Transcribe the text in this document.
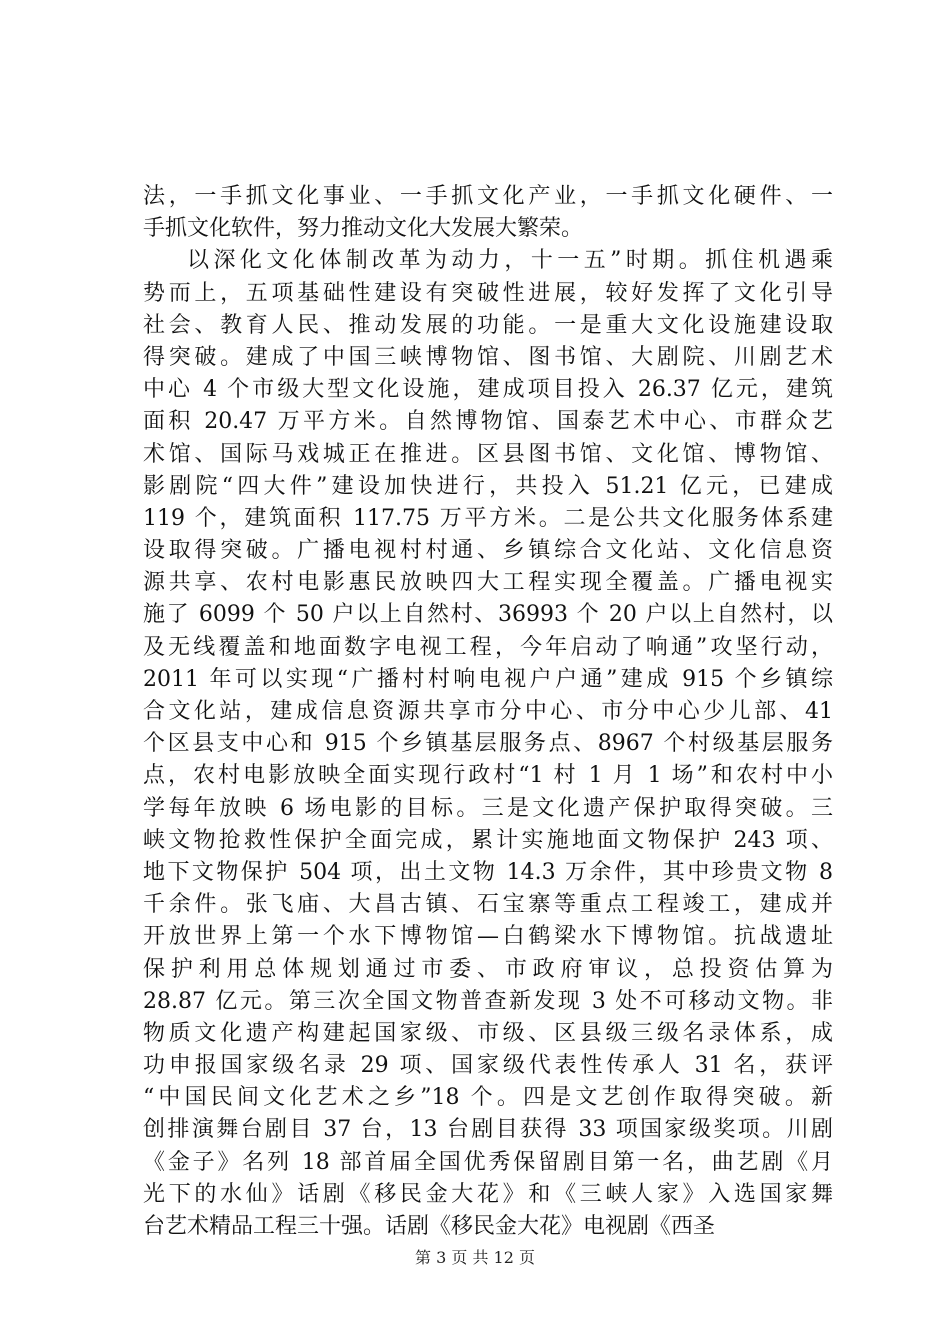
法，一手抓文化事业、一手抓文化产业，一手抓文化硬件、一
手抓文化软件，努力推动文化大发展大繁荣。
以深化文化体制改革为动力，十一五”时期。抓住机遇乘
势而上，五项基础性建设有突破性进展，较好发挥了文化引导
社会、教育人民、推动发展的功能。一是重大文化设施建设取
得突破。建成了中国三峡博物馆、图书馆、大剧院、川剧艺术
中心 4 个市级大型文化设施，建成项目投入 26.37 亿元，建筑
面积 20.47 万平方米。自然博物馆、国泰艺术中心、市群众艺
术馆、国际马戏城正在推进。区县图书馆、文化馆、博物馆、
影剧院“四大件”建设加快进行，共投入 51.21 亿元，已建成
119 个，建筑面积 117.75 万平方米。二是公共文化服务体系建
设取得突破。广播电视村村通、乡镇综合文化站、文化信息资
源共享、农村电影惠民放映四大工程实现全覆盖。广播电视实
施了 6099 个 50 户以上自然村、36993 个 20 户以上自然村，以
及无线覆盖和地面数字电视工程，今年启动了响通”攻坚行动，
2011 年可以实现“广播村村响电视户户通”建成 915 个乡镇综
合文化站，建成信息资源共享市分中心、市分中心少儿部、41
个区县支中心和 915 个乡镇基层服务点、8967 个村级基层服务
点，农村电影放映全面实现行政村“1 村 1 月 1 场”和农村中小
学每年放映 6 场电影的目标。三是文化遗产保护取得突破。三
峡文物抢救性保护全面完成，累计实施地面文物保护 243 项、
地下文物保护 504 项，出土文物 14.3 万余件，其中珍贵文物 8
千余件。张飞庙、大昌古镇、石宝寨等重点工程竣工，建成并
开放世界上第一个水下博物馆—白鹤梁水下博物馆。抗战遗址
保护利用总体规划通过市委、市政府审议，总投资估算为
28.87 亿元。第三次全国文物普查新发现 3 处不可移动文物。非
物质文化遗产构建起国家级、市级、区县级三级名录体系，成
功申报国家级名录 29 项、国家级代表性传承人 31 名，获评
“中国民间文化艺术之乡”18 个。四是文艺创作取得突破。新
创排演舞台剧目 37 台，13 台剧目获得 33 项国家级奖项。川剧
《金子》名列 18 部首届全国优秀保留剧目第一名，曲艺剧《月
光下的水仙》话剧《移民金大花》和《三峡人家》入选国家舞
台艺术精品工程三十强。话剧《移民金大花》电视剧《西圣
第 3 页 共 12 页
